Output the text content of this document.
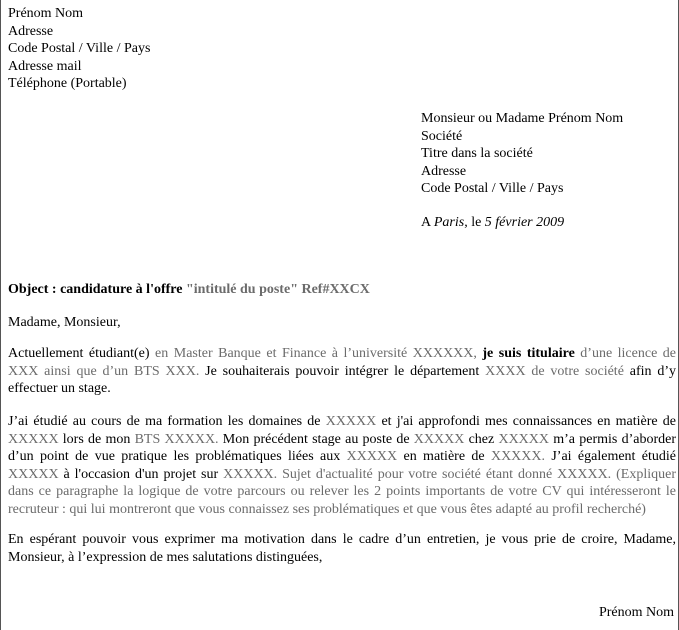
Prénom Nom
Adresse
Code Postal / Ville / Pays
Adresse mail
Téléphone (Portable)
Monsieur ou Madame Prénom Nom
Société
Titre dans la société
Adresse
Code Postal / Ville / Pays
A Paris, le 5 février 2009
Object : candidature à l'offre "intitulé du poste" Ref#XXCX
Madame, Monsieur,

Actuellement étudiant(e) en Master Banque et Finance à l’université XXXXXX, je suis titulaire d’une licence de XXX ainsi que d’un BTS XXX. Je souhaiterais pouvoir intégrer le département XXXX de votre société afin d’y effectuer un stage.

J’ai étudié au cours de ma formation les domaines de XXXXX et j'ai approfondi mes connaissances en matière de XXXXX lors de mon BTS XXXXX. Mon précédent stage au poste de XXXXX chez XXXXX m’a permis d’aborder d’un point de vue pratique les problématiques liées aux XXXXX en matière de XXXXX. J’ai également étudié XXXXX à l'occasion d'un projet sur XXXXX. Sujet d'actualité pour votre société étant donné XXXXX. (Expliquer dans ce paragraphe la logique de votre parcours ou relever les 2 points importants de votre CV qui intéresseront le recruteur : qui lui montreront que vous connaissez ses problématiques et que vous êtes adapté au profil recherché)

En espérant pouvoir vous exprimer ma motivation dans le cadre d’un entretien, je vous prie de croire, Madame, Monsieur, à l’expression de mes salutations distinguées,

Prénom Nom
